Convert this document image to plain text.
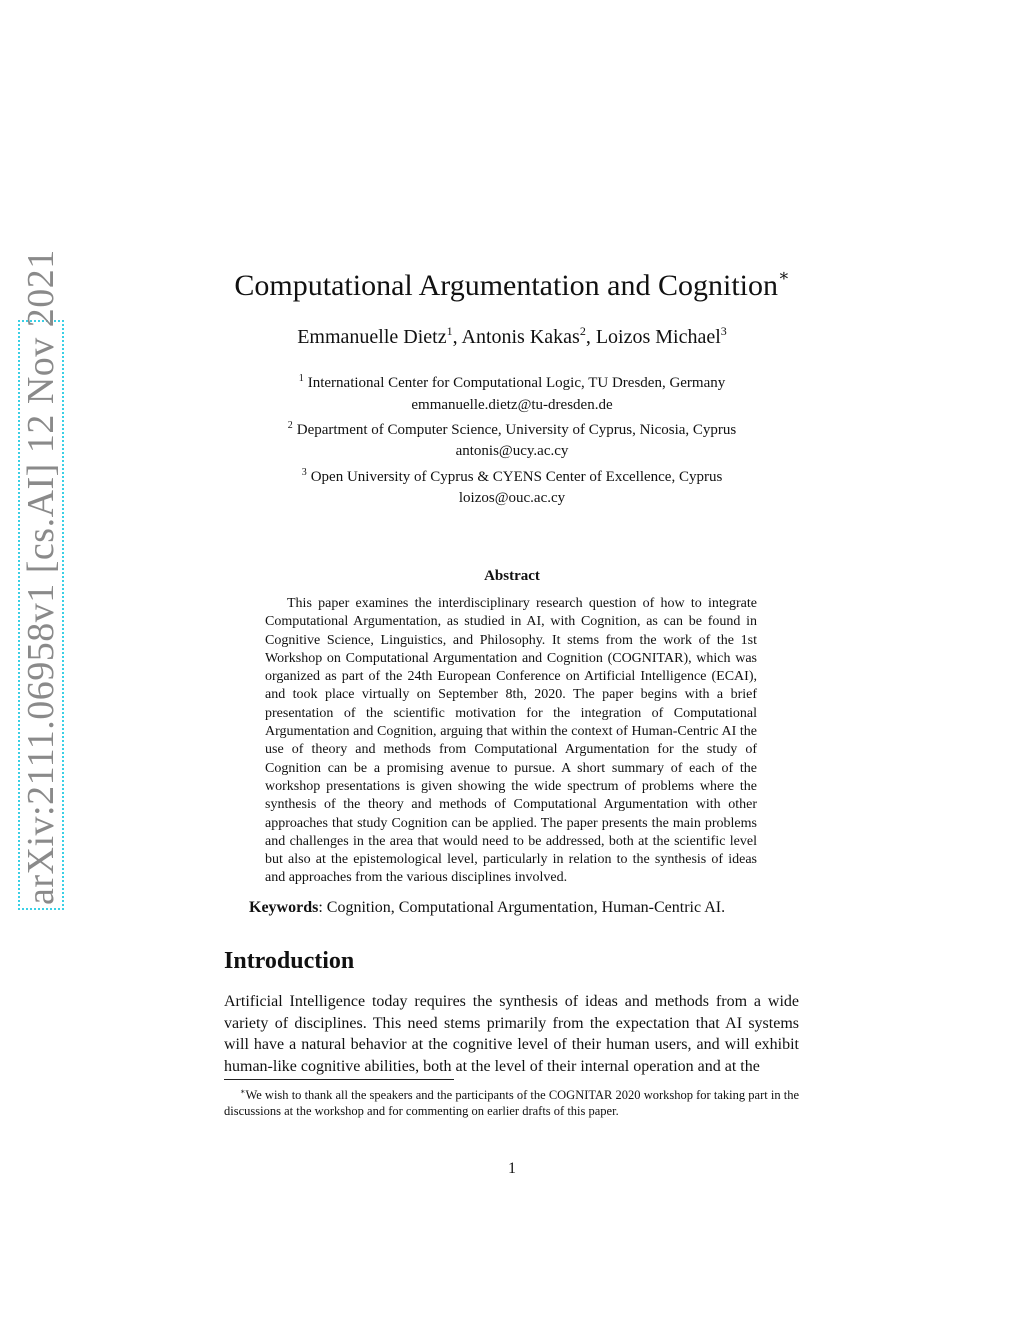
arXiv:2111.06958v1 [cs.AI] 12 Nov 2021	Computational Argumentation and Cognition∗
Emmanuelle Dietz$^1$, Antonis Kakas$^2$, Loizos Michael$^3$
$^1$ International Center for Computational Logic, TU Dresden, Germany
emmanuelle.dietz@tu-dresden.de
$^2$ Department of Computer Science, University of Cyprus, Nicosia, Cyprus
antonis@ucy.ac.cy
$^3$ Open University of Cyprus & CYENS Center of Excellence, Cyprus
loizos@ouc.ac.cy
Abstract

This paper examines the interdisciplinary research question of how to integrate Computational Argumentation, as studied in AI, with Cognition, as can be found in Cognitive Science, Linguistics, and Philosophy. It stems from the work of the 1st Workshop on Computational Argumentation and Cognition (COGNITAR), which was organized as part of the 24th European Conference on Artificial Intelligence (ECAI), and took place virtually on September 8th, 2020. The paper begins with a brief presentation of the scientific motivation for the integration of Computational Argumentation and Cognition, arguing that within the context of Human-Centric AI the use of theory and methods from Computational Argumentation for the study of Cognition can be a promising avenue to pursue. A short summary of each of the workshop presentations is given showing the wide spectrum of problems where the synthesis of the theory and methods of Computational Argumentation with other approaches that study Cognition can be applied. The paper presents the main problems and challenges in the area that would need to be addressed, both at the scientific level but also at the epistemological level, particularly in relation to the synthesis of ideas and approaches from the various disciplines involved.

Keywords: Cognition, Computational Argumentation, Human-Centric AI.
Introduction

Artificial Intelligence today requires the synthesis of ideas and methods from a wide variety of disciplines. This need stems primarily from the expectation that AI systems will have a natural behavior at the cognitive level of their human users, and will exhibit human-like cognitive abilities, both at the level of their internal operation and at the

∗We wish to thank all the speakers and the participants of the COGNITAR 2020 workshop for taking part in the discussions at the workshop and for commenting on earlier drafts of this paper.

1
